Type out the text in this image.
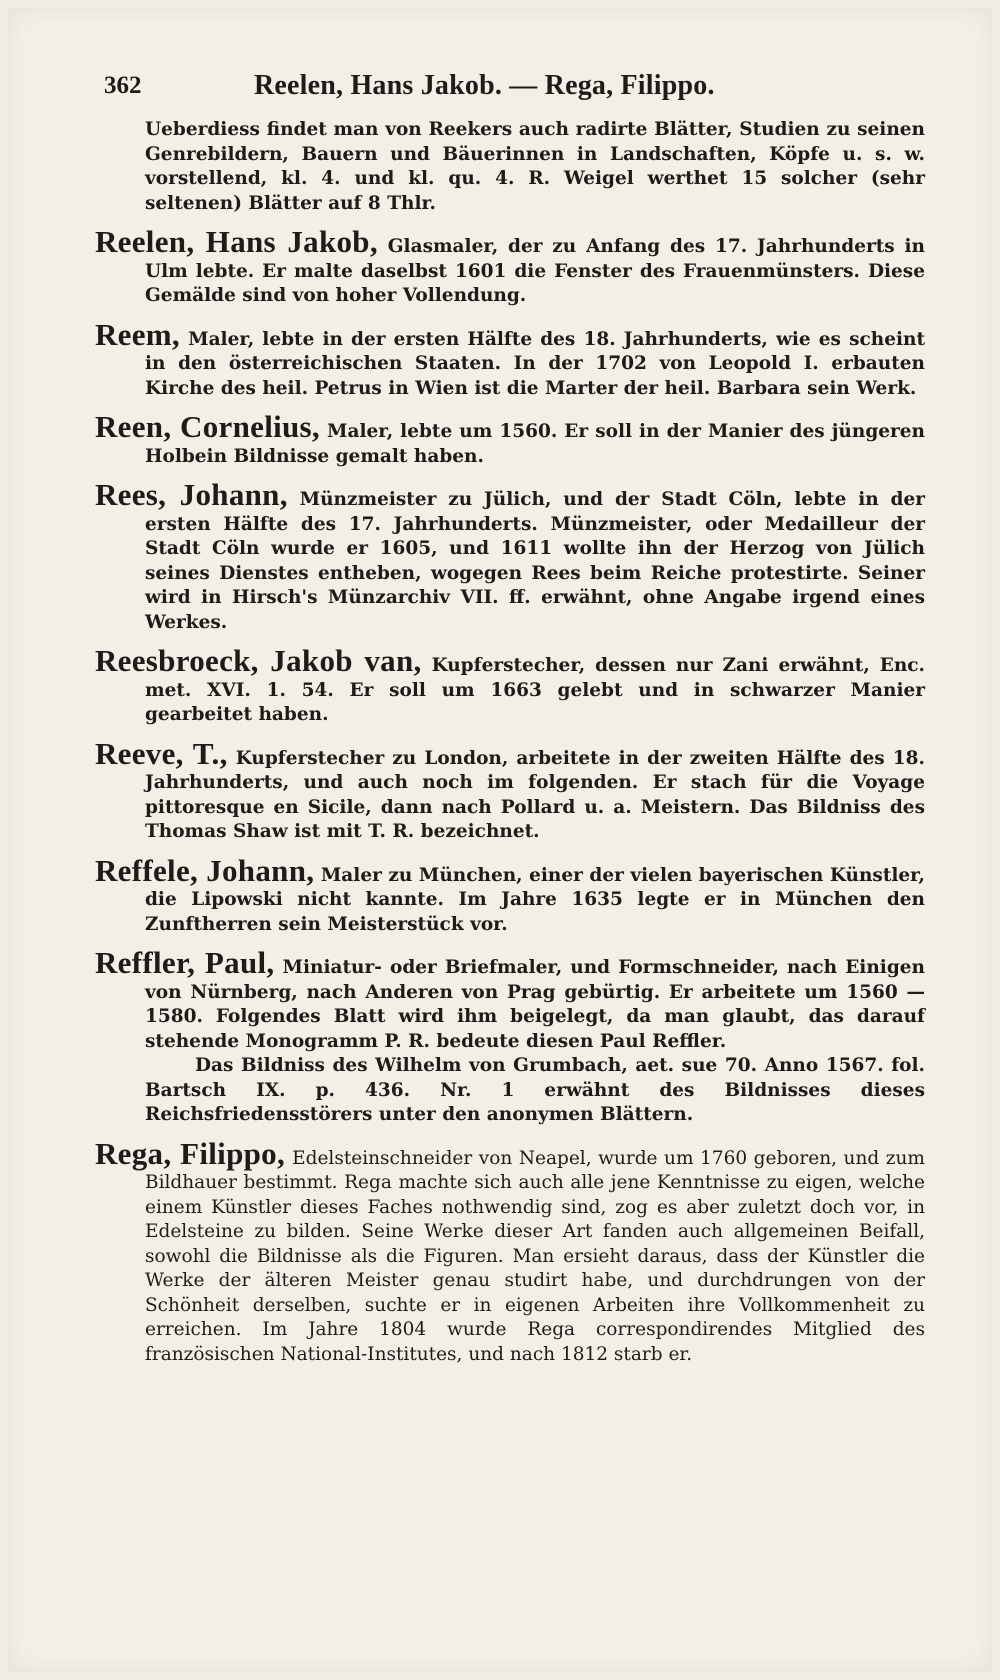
362	Reelen, Hans Jakob. — Rega, Filippo.

Ueberdiess findet man von Reekers auch radirte Blätter, Studien zu seinen Genrebildern, Bauern und Bäuerinnen in Landschaften, Köpfe u. s. w. vorstellend, kl. 4. und kl. qu. 4. R. Weigel werthet 15 solcher (sehr seltenen) Blätter auf 8 Thlr.

Reelen, Hans Jakob, Glasmaler, der zu Anfang des 17. Jahrhunderts in Ulm lebte. Er malte daselbst 1601 die Fenster des Frauenmünsters. Diese Gemälde sind von hoher Vollendung.

Reem, Maler, lebte in der ersten Hälfte des 18. Jahrhunderts, wie es scheint in den österreichischen Staaten. In der 1702 von Leopold I. erbauten Kirche des heil. Petrus in Wien ist die Marter der heil. Barbara sein Werk.

Reen, Cornelius, Maler, lebte um 1560. Er soll in der Manier des jüngeren Holbein Bildnisse gemalt haben.

Rees, Johann, Münzmeister zu Jülich, und der Stadt Cöln, lebte in der ersten Hälfte des 17. Jahrhunderts. Münzmeister, oder Medailleur der Stadt Cöln wurde er 1605, und 1611 wollte ihn der Herzog von Jülich seines Dienstes entheben, wogegen Rees beim Reiche protestirte. Seiner wird in Hirsch's Münzarchiv VII. ff. erwähnt, ohne Angabe irgend eines Werkes.

Reesbroeck, Jakob van, Kupferstecher, dessen nur Zani erwähnt, Enc. met. XVI. 1. 54. Er soll um 1663 gelebt und in schwarzer Manier gearbeitet haben.

Reeve, T., Kupferstecher zu London, arbeitete in der zweiten Hälfte des 18. Jahrhunderts, und auch noch im folgenden. Er stach für die Voyage pittoresque en Sicile, dann nach Pollard u. a. Meistern. Das Bildniss des Thomas Shaw ist mit T. R. bezeichnet.

Reffele, Johann, Maler zu München, einer der vielen bayerischen Künstler, die Lipowski nicht kannte. Im Jahre 1635 legte er in München den Zunftherren sein Meisterstück vor.

Reffler, Paul, Miniatur- oder Briefmaler, und Formschneider, nach Einigen von Nürnberg, nach Anderen von Prag gebürtig. Er arbeitete um 1560 — 1580. Folgendes Blatt wird ihm beigelegt, da man glaubt, das darauf stehende Monogramm P. R. bedeute diesen Paul Reffler.

Das Bildniss des Wilhelm von Grumbach, aet. sue 70. Anno 1567. fol. Bartsch IX. p. 436. Nr. 1 erwähnt des Bildnisses dieses Reichsfriedensstörers unter den anonymen Blättern.

Rega, Filippo, Edelsteinschneider von Neapel, wurde um 1760 geboren, und zum Bildhauer bestimmt. Rega machte sich auch alle jene Kenntnisse zu eigen, welche einem Künstler dieses Faches nothwendig sind, zog es aber zuletzt doch vor, in Edelsteine zu bilden. Seine Werke dieser Art fanden auch allgemeinen Beifall, sowohl die Bildnisse als die Figuren. Man ersieht daraus, dass der Künstler die Werke der älteren Meister genau studirt habe, und durchdrungen von der Schönheit derselben, suchte er in eigenen Arbeiten ihre Vollkommenheit zu erreichen. Im Jahre 1804 wurde Rega correspondirendes Mitglied des französischen National-Institutes, und nach 1812 starb er.
